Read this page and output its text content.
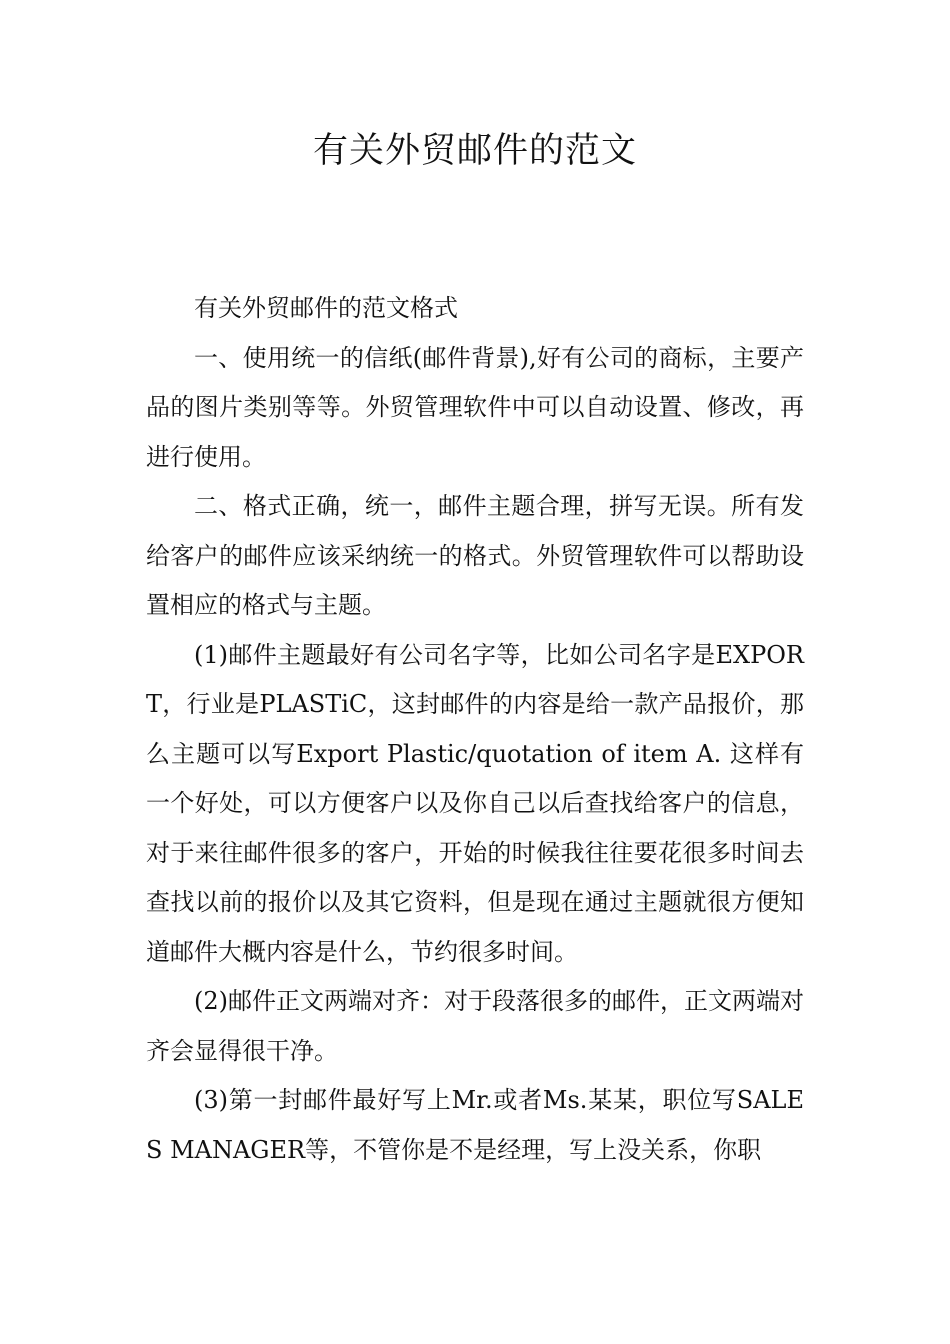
有关外贸邮件的范文

有关外贸邮件的范文格式

一、使用统一的信纸(邮件背景),好有公司的商标，主要产品的图片类别等等。外贸管理软件中可以自动设置、修改，再进行使用。

二、格式正确，统一，邮件主题合理，拼写无误。所有发给客户的邮件应该采纳统一的格式。外贸管理软件可以帮助设置相应的格式与主题。

(1)邮件主题最好有公司名字等，比如公司名字是EXPORT，行业是PLASTiC，这封邮件的内容是给一款产品报价，那么主题可以写Export Plastic/quotation of item A. 这样有一个好处，可以方便客户以及你自己以后查找给客户的信息，对于来往邮件很多的客户，开始的时候我往往要花很多时间去查找以前的报价以及其它资料，但是现在通过主题就很方便知道邮件大概内容是什么，节约很多时间。

(2)邮件正文两端对齐：对于段落很多的邮件，正文两端对齐会显得很干净。

(3)第一封邮件最好写上Mr.或者Ms.某某，职位写SALES MANAGER等，不管你是不是经理，写上没关系，你职
